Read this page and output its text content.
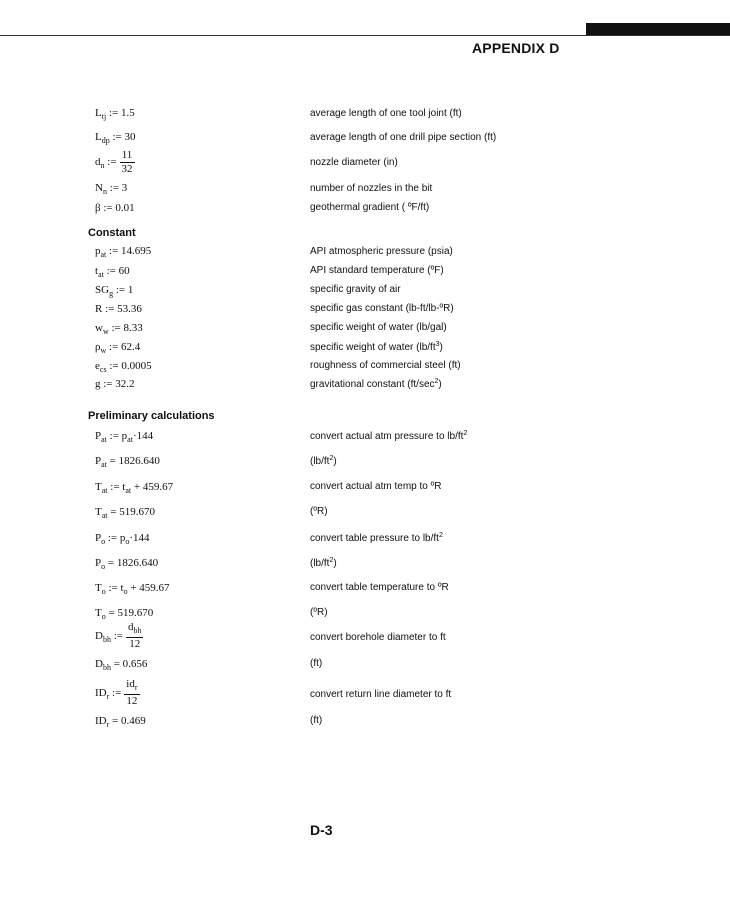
APPENDIX D
$L_{tj}$ := 1.5	average length of one tool joint (ft)
$L_{dp}$ := 30	average length of one drill pipe section (ft)
$d_n$ := $\frac{11}{32}$	nozzle diameter (in)
$N_n$ := 3	number of nozzles in the bit
β := 0.01	geothermal gradient ( ºF/ft)
Constant
$p_{at}$ := 14.695	API atmospheric pressure (psia)
$t_{at}$ := 60	API standard temperature (ºF)
$SG_g$ := 1	specific gravity of air
R := 53.36	specific gas constant (lb-ft/lb-ºR)
$w_w$ := 8.33	specific weight of water (lb/gal)
$\rho_w$ := 62.4	specific weight of water $(lb/ft^3)$
$e_{cs}$ := 0.0005	roughness of commercial steel (ft)
g := 32.2	gravitational constant $(ft/\sec^2)$
Preliminary calculations
$P_{at}$ := $p_{at}\cdot 144$	convert actual atm pressure to $lb/ft^2$
$P_{at} = 1826.640$	$(lb/ft^2)$
$T_{at}$ := $t_{at} + 459.67$	convert actual atm temp to ºR
$T_{at} = 519.670$	(ºR)
$P_o$ := $p_o\cdot 144$	convert table pressure to $lb/ft^2$
$P_o = 1826.640$	$(lb/ft^2)$
$T_o$ := $t_o + 459.67$	convert table temperature to ºR
$T_o = 519.670$	(ºR)
$D_{bh}$ := $\frac{d_{bh}}{12}$	convert borehole diameter to ft
$D_{bh} = 0.656$	(ft)
$ID_r$ := $\frac{id_r}{12}$	convert return line diameter to ft
$ID_r = 0.469$	(ft)
D-3
